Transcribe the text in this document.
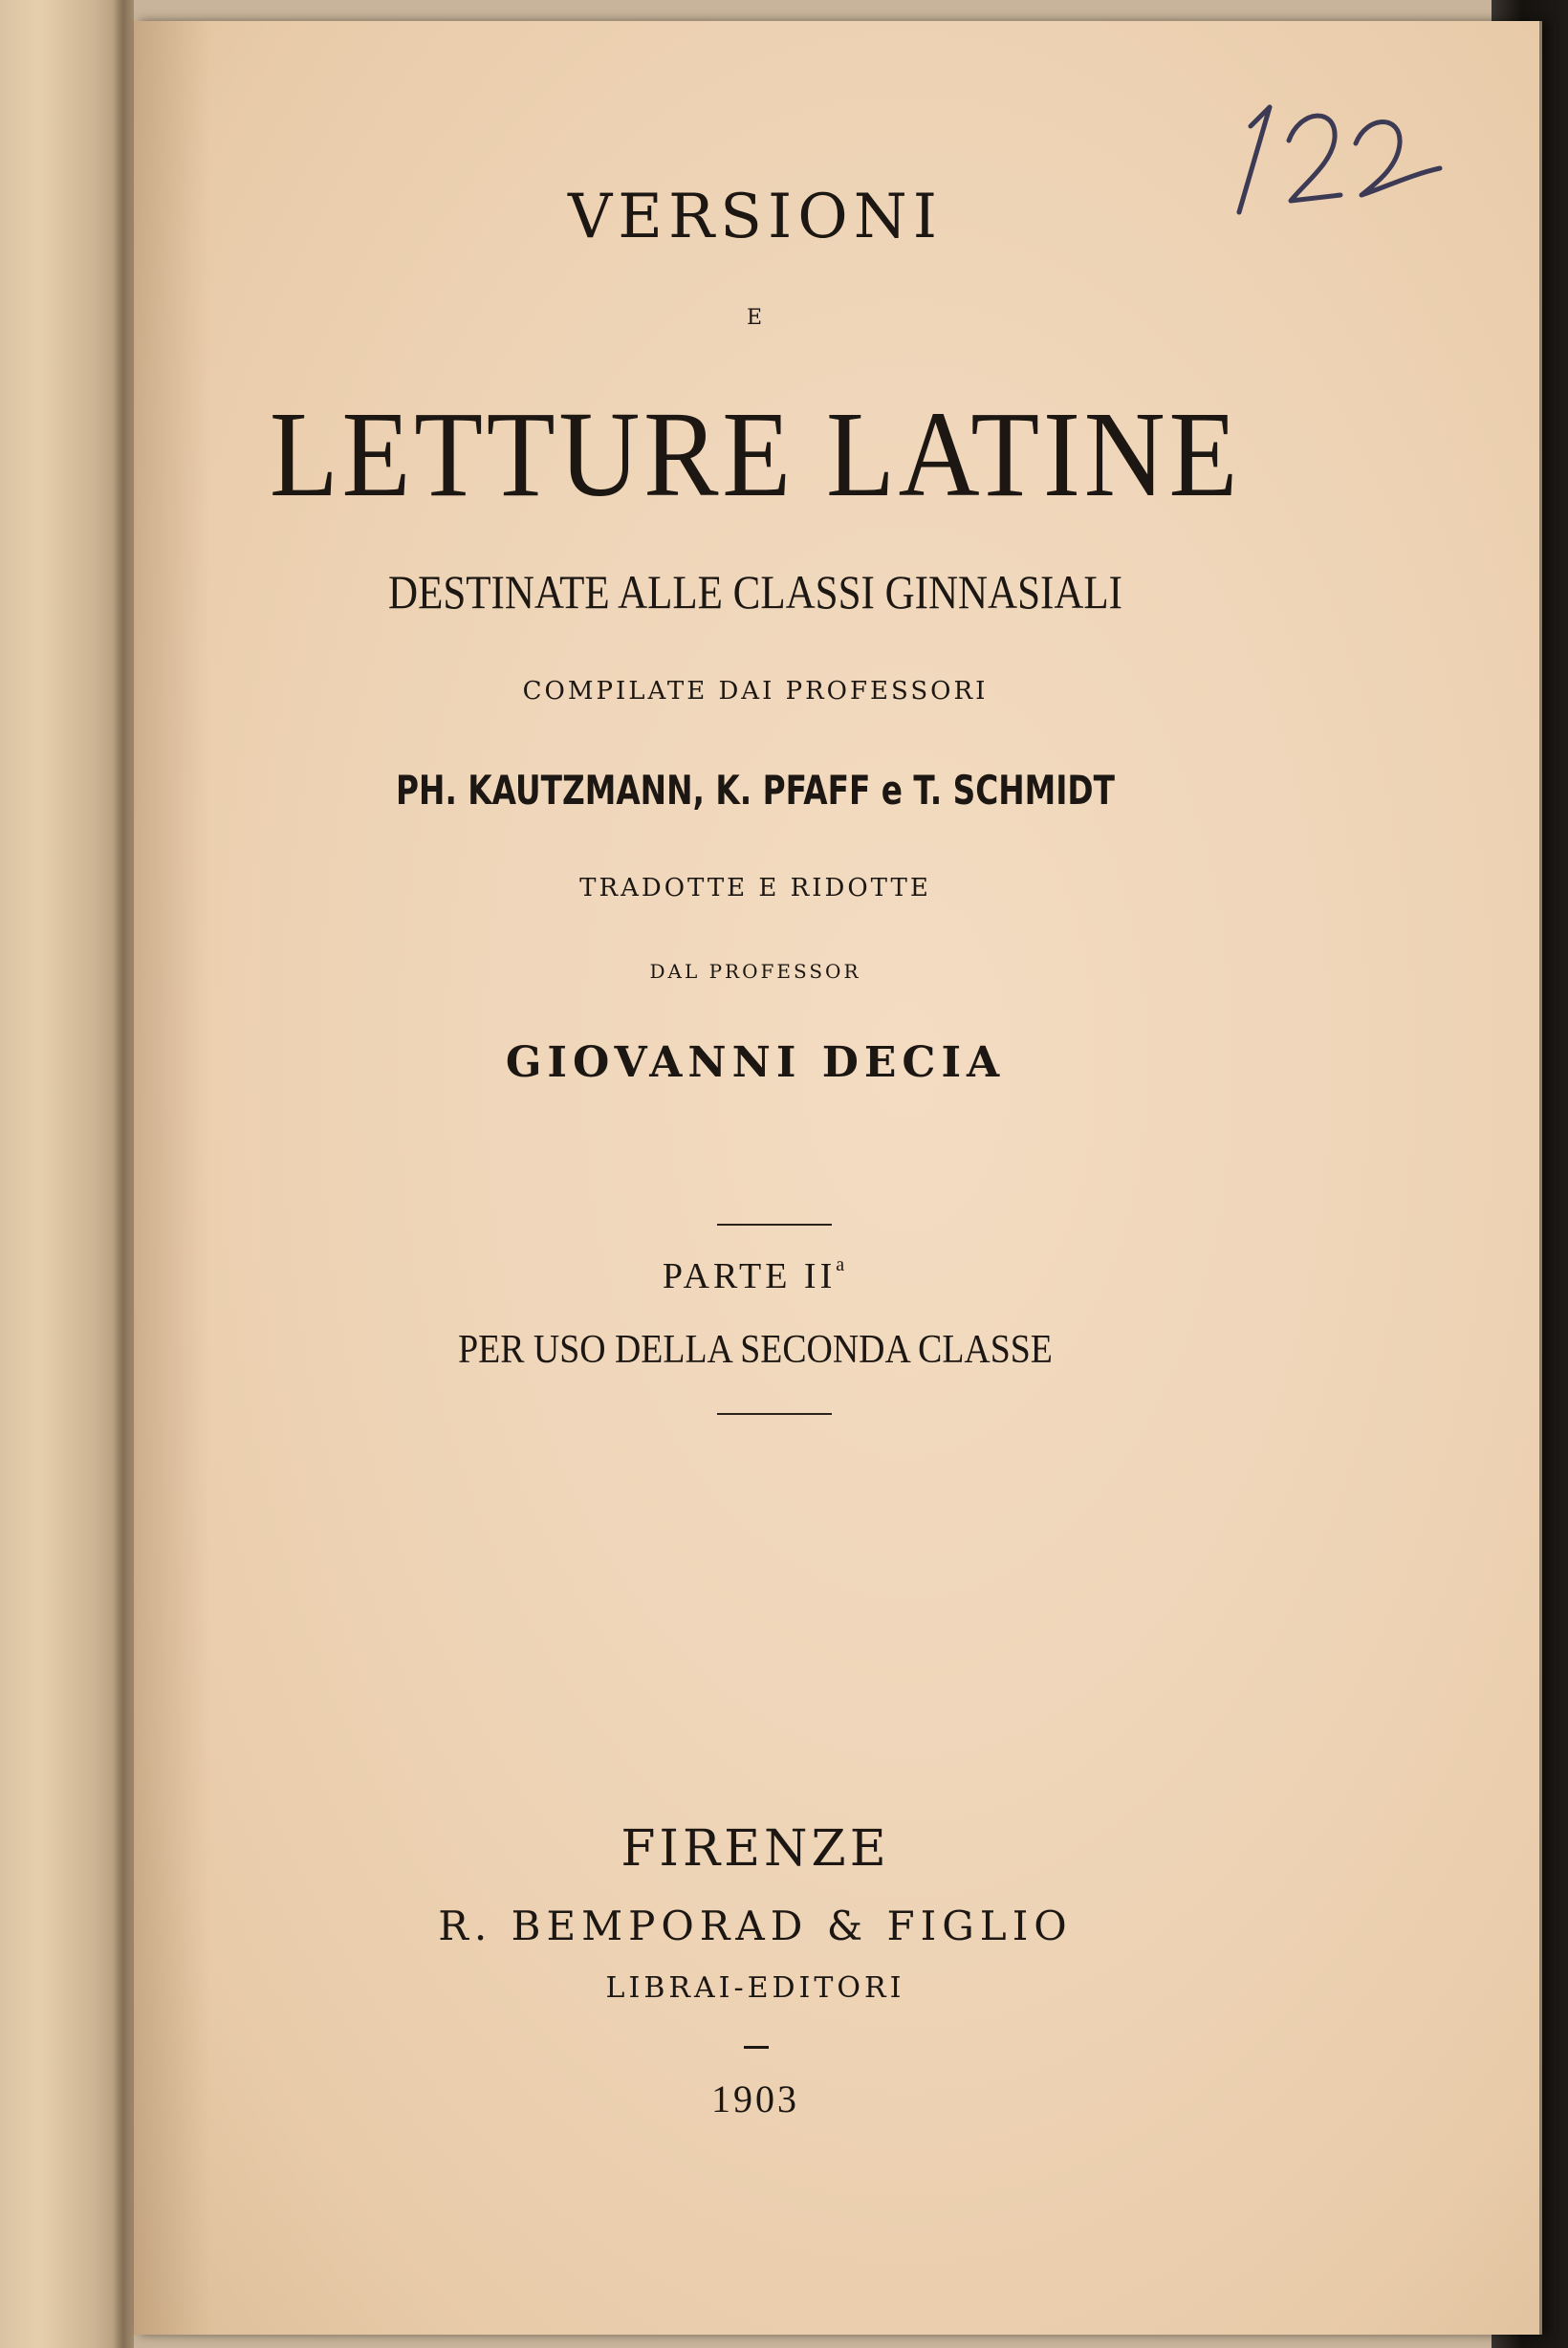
VERSIONI
E
LETTURE LATINE
DESTINATE ALLE CLASSI GINNASIALI
COMPILATE DAI PROFESSORI
PH. KAUTZMANN, K. PFAFF e T. SCHMIDT
TRADOTTE E RIDOTTE
DAL PROFESSOR
GIOVANNI DECIA
PARTE $II^a$
PER USO DELLA SECONDA CLASSE
FIRENZE
R. BEMPORAD & FIGLIO
LIBRAI-EDITORI
1903
